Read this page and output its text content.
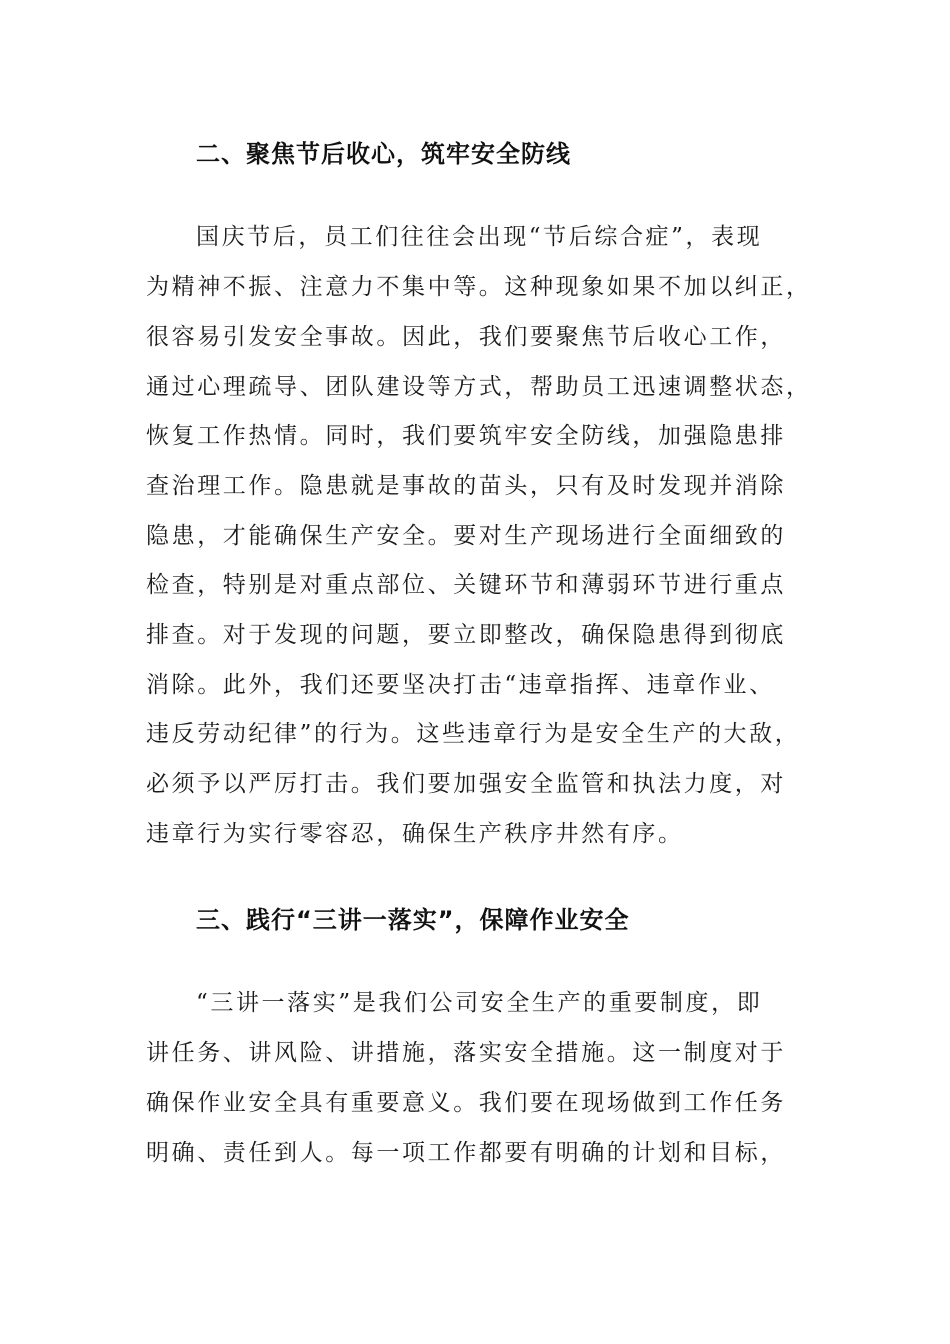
二、聚焦节后收心，筑牢安全防线
国庆节后，员工们往往会出现“节后综合症”，表现
为精神不振、注意力不集中等。这种现象如果不加以纠正，
很容易引发安全事故。因此，我们要聚焦节后收心工作，
通过心理疏导、团队建设等方式，帮助员工迅速调整状态，
恢复工作热情。同时，我们要筑牢安全防线，加强隐患排
查治理工作。隐患就是事故的苗头，只有及时发现并消除
隐患，才能确保生产安全。要对生产现场进行全面细致的
检查，特别是对重点部位、关键环节和薄弱环节进行重点
排查。对于发现的问题，要立即整改，确保隐患得到彻底
消除。此外，我们还要坚决打击“违章指挥、违章作业、
违反劳动纪律”的行为。这些违章行为是安全生产的大敌，
必须予以严厉打击。我们要加强安全监管和执法力度，对
违章行为实行零容忍，确保生产秩序井然有序。
三、践行“三讲一落实”，保障作业安全
“三讲一落实”是我们公司安全生产的重要制度，即
讲任务、讲风险、讲措施，落实安全措施。这一制度对于
确保作业安全具有重要意义。我们要在现场做到工作任务
明确、责任到人。每一项工作都要有明确的计划和目标，
